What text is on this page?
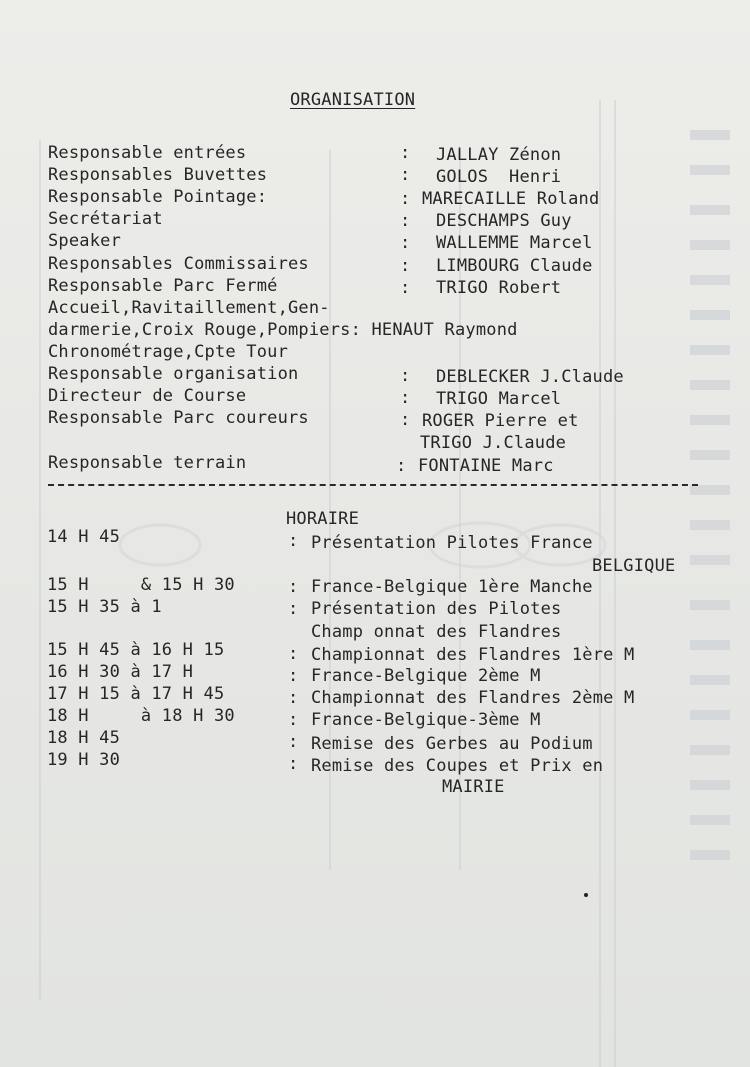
ORGANISATION
Responsable entrées	: JALLAY Zénon
Responsables Buvettes	: GOLOS  Henri
Responsable Pointage:	: MARECAILLE Roland
Secrétariat	: DESCHAMPS Guy
Speaker	: WALLEMME Marcel
Responsables Commissaires	: LIMBOURG Claude
Responsable Parc Fermé	: TRIGO Robert
Accueil,Ravitaillement,Gen-
darmerie,Croix Rouge,Pompiers: HENAUT Raymond
Chronométrage,Cpte Tour
Responsable organisation	: DEBLECKER J.Claude
Directeur de Course	: TRIGO Marcel
Responsable Parc coureurs	: ROGER Pierre et
TRIGO J.Claude
Responsable terrain	: FONTAINE Marc
HORAIRE
14 H 45	: Présentation Pilotes France
BELGIQUE
15 H     & 15 H 30	: France-Belgique 1ère Manche
15 H 35 à 1	: Présentation des Pilotes
Champ onnat des Flandres
15 H 45 à 16 H 15	: Championnat des Flandres 1ère M
16 H 30 à 17 H	: France-Belgique 2ème M
17 H 15 à 17 H 45	: Championnat des Flandres 2ème M
18 H     à 18 H 30	: France-Belgique-3ème M
18 H 45	: Remise des Gerbes au Podium
19 H 30	: Remise des Coupes et Prix en
MAIRIE
